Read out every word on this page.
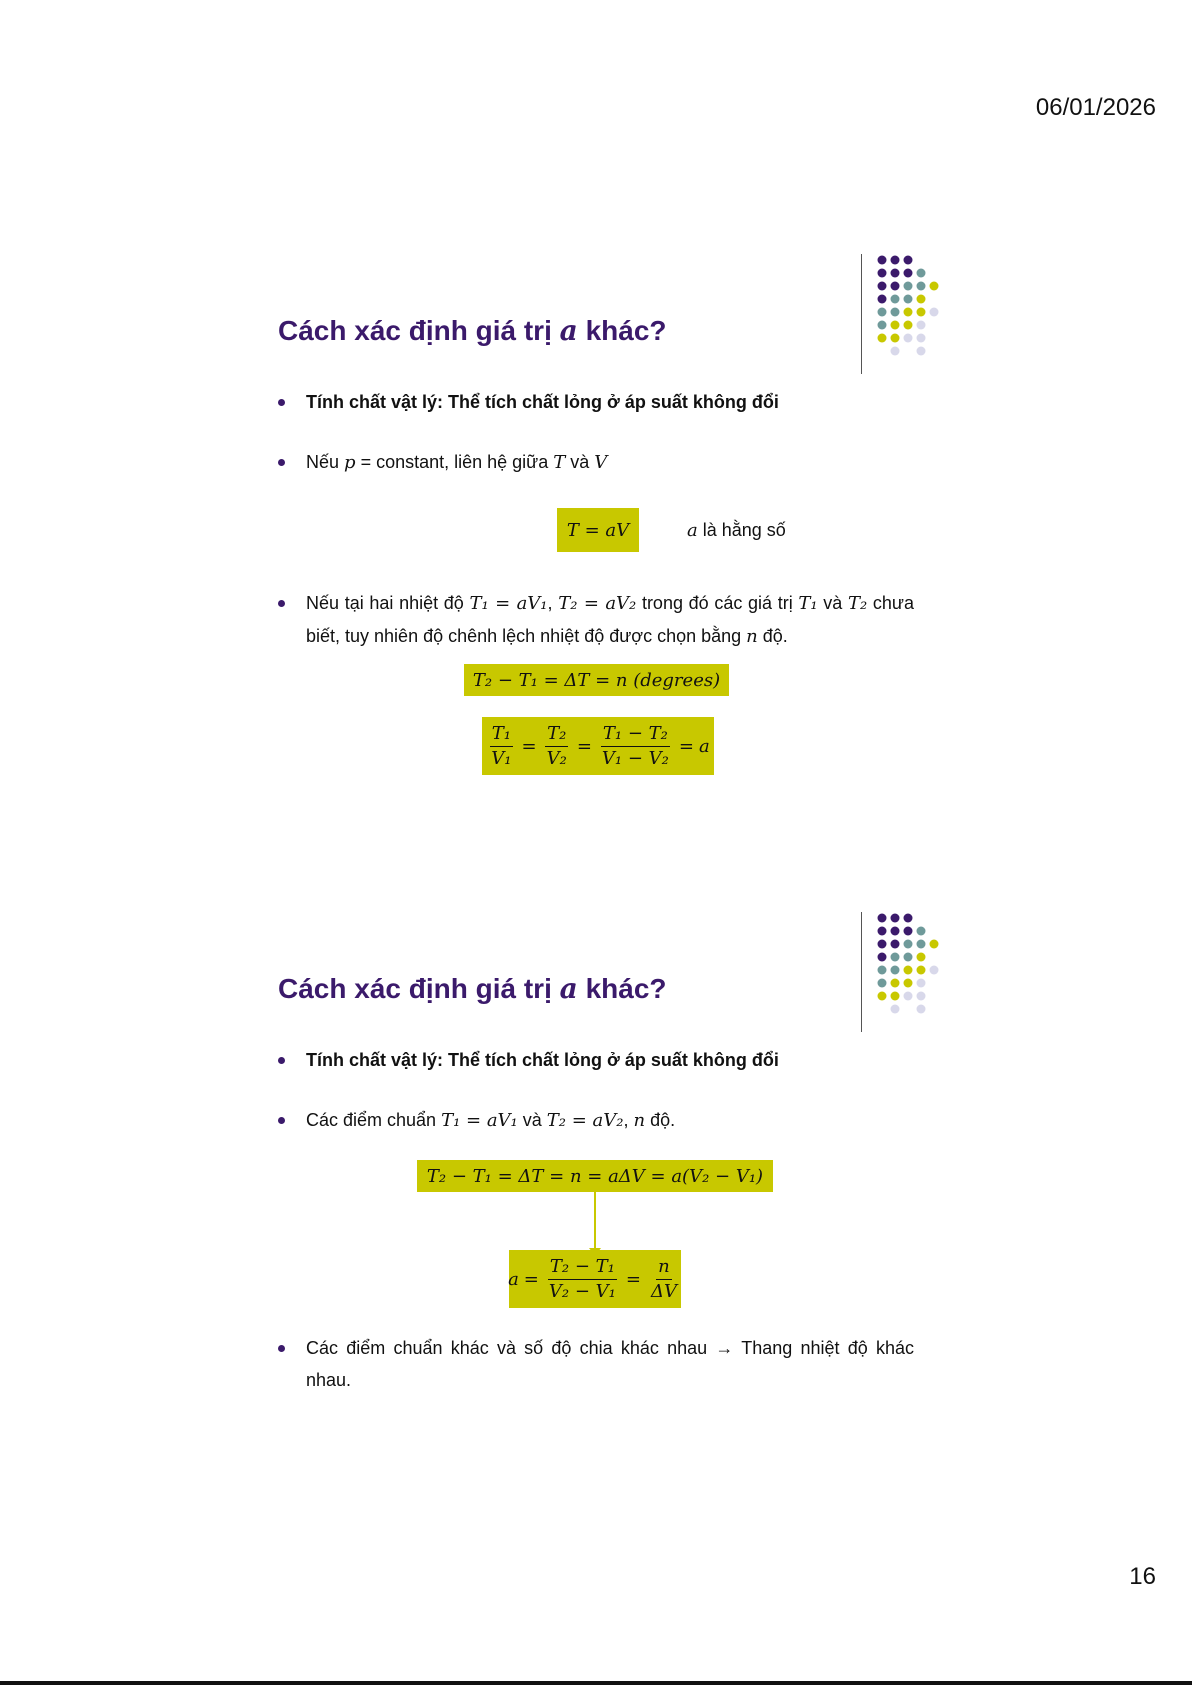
06/01/2026
Cách xác định giá trị a khác?
Tính chất vật lý: Thể tích chất lỏng ở áp suất không đổi
Nếu p = constant, liên hệ giữa T và V
T = aV	a là hằng số
Nếu tại hai nhiệt độ T₁ = aV₁, T₂ = aV₂ trong đó các giá trị T₁ và T₂ chưa biết, tuy nhiên độ chênh lệch nhiệt độ được chọn bằng n độ.
T₂ − T₁ = ΔT = n (degrees)
$\frac{\text{T₁}}{\text{V₁}} = \frac{\text{T₂}}{\text{V₂}} = \frac{\text{T₁ − T₂}}{\text{V₁ − V₂}} = a$
Cách xác định giá trị a khác?
Tính chất vật lý: Thể tích chất lỏng ở áp suất không đổi
Các điểm chuẩn T₁ = aV₁ và T₂ = aV₂, n độ.
T₂ − T₁ = ΔT = n = aΔV = a(V₂ − V₁)
$a = \frac{\text{T₂ − T₁}}{\text{V₂ − V₁}} = \frac{n}{\Delta V}$
Các điểm chuẩn khác và số độ chia khác nhau → Thang nhiệt độ khác nhau.
16
